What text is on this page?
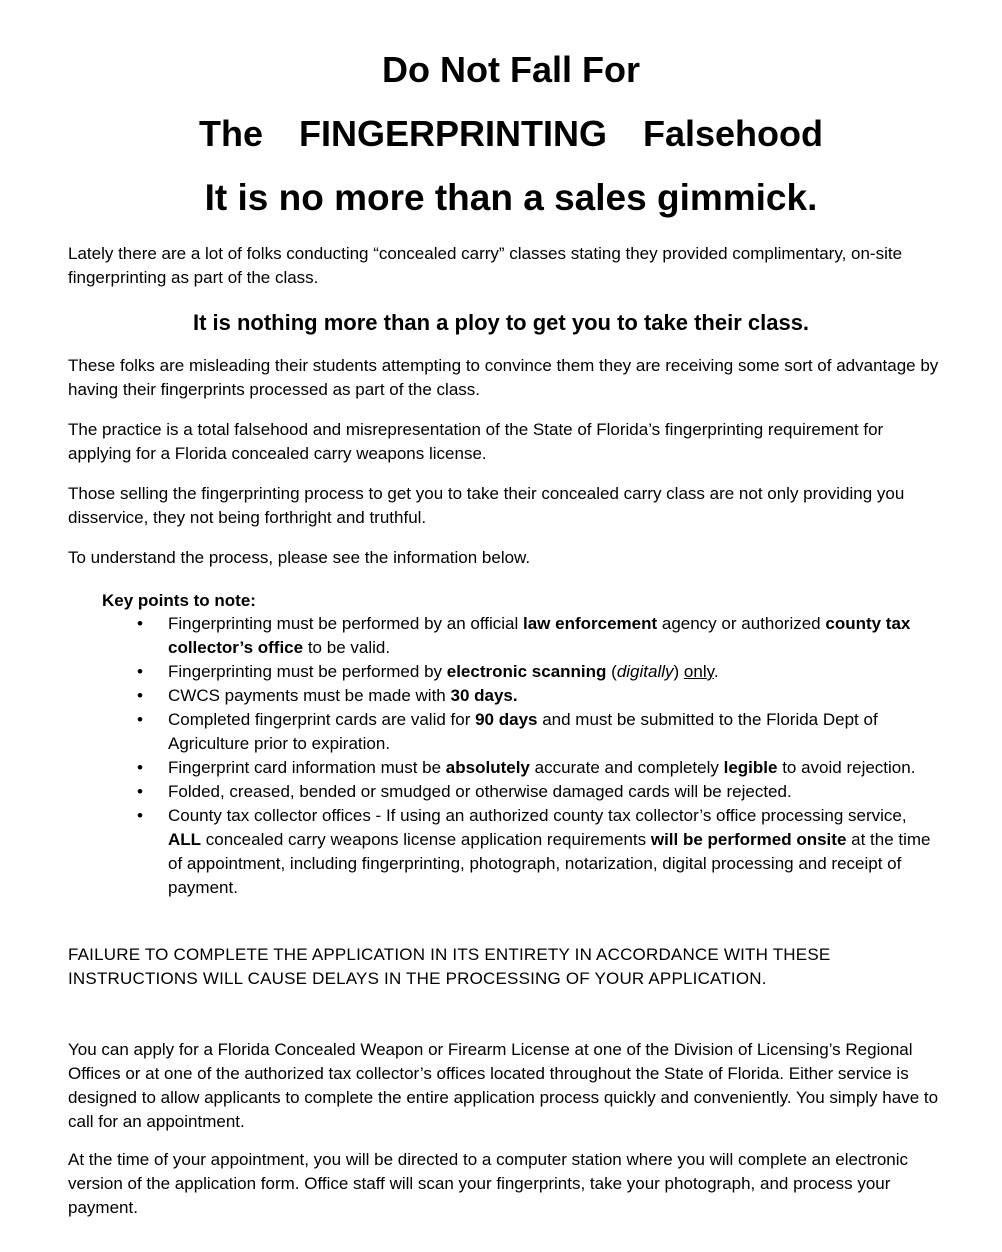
Do Not Fall For
The  FINGERPRINTING  Falsehood
It is no more than a sales gimmick.

Lately there are a lot of folks conducting “concealed carry” classes stating they provided complimentary, on-site fingerprinting as part of the class.

It is nothing more than a ploy to get you to take their class.

These folks are misleading their students attempting to convince them they are receiving some sort of advantage by having their fingerprints processed as part of the class.

The practice is a total falsehood and misrepresentation of the State of Florida’s fingerprinting requirement for applying for a Florida concealed carry weapons license.

Those selling the fingerprinting process to get you to take their concealed carry class are not only providing you disservice, they not being forthright and truthful.

To understand the process, please see the information below.

Key points to note:

• Fingerprinting must be performed by an official law enforcement agency or authorized county tax collector’s office to be valid.
• Fingerprinting must be performed by electronic scanning (digitally) only.
• CWCS payments must be made with 30 days.
• Completed fingerprint cards are valid for 90 days and must be submitted to the Florida Dept of Agriculture prior to expiration.
• Fingerprint card information must be absolutely accurate and completely legible to avoid rejection.
• Folded, creased, bended or smudged or otherwise damaged cards will be rejected.
• County tax collector offices - If using an authorized county tax collector’s office processing service, ALL concealed carry weapons license application requirements will be performed onsite at the time of appointment, including fingerprinting, photograph, notarization, digital processing and receipt of payment.

FAILURE TO COMPLETE THE APPLICATION IN ITS ENTIRETY IN ACCORDANCE WITH THESE INSTRUCTIONS WILL CAUSE DELAYS IN THE PROCESSING OF YOUR APPLICATION.

You can apply for a Florida Concealed Weapon or Firearm License at one of the Division of Licensing’s Regional Offices or at one of the authorized tax collector’s offices located throughout the State of Florida. Either service is designed to allow applicants to complete the entire application process quickly and conveniently. You simply have to call for an appointment.

At the time of your appointment, you will be directed to a computer station where you will complete an electronic version of the application form. Office staff will scan your fingerprints, take your photograph, and process your payment.
